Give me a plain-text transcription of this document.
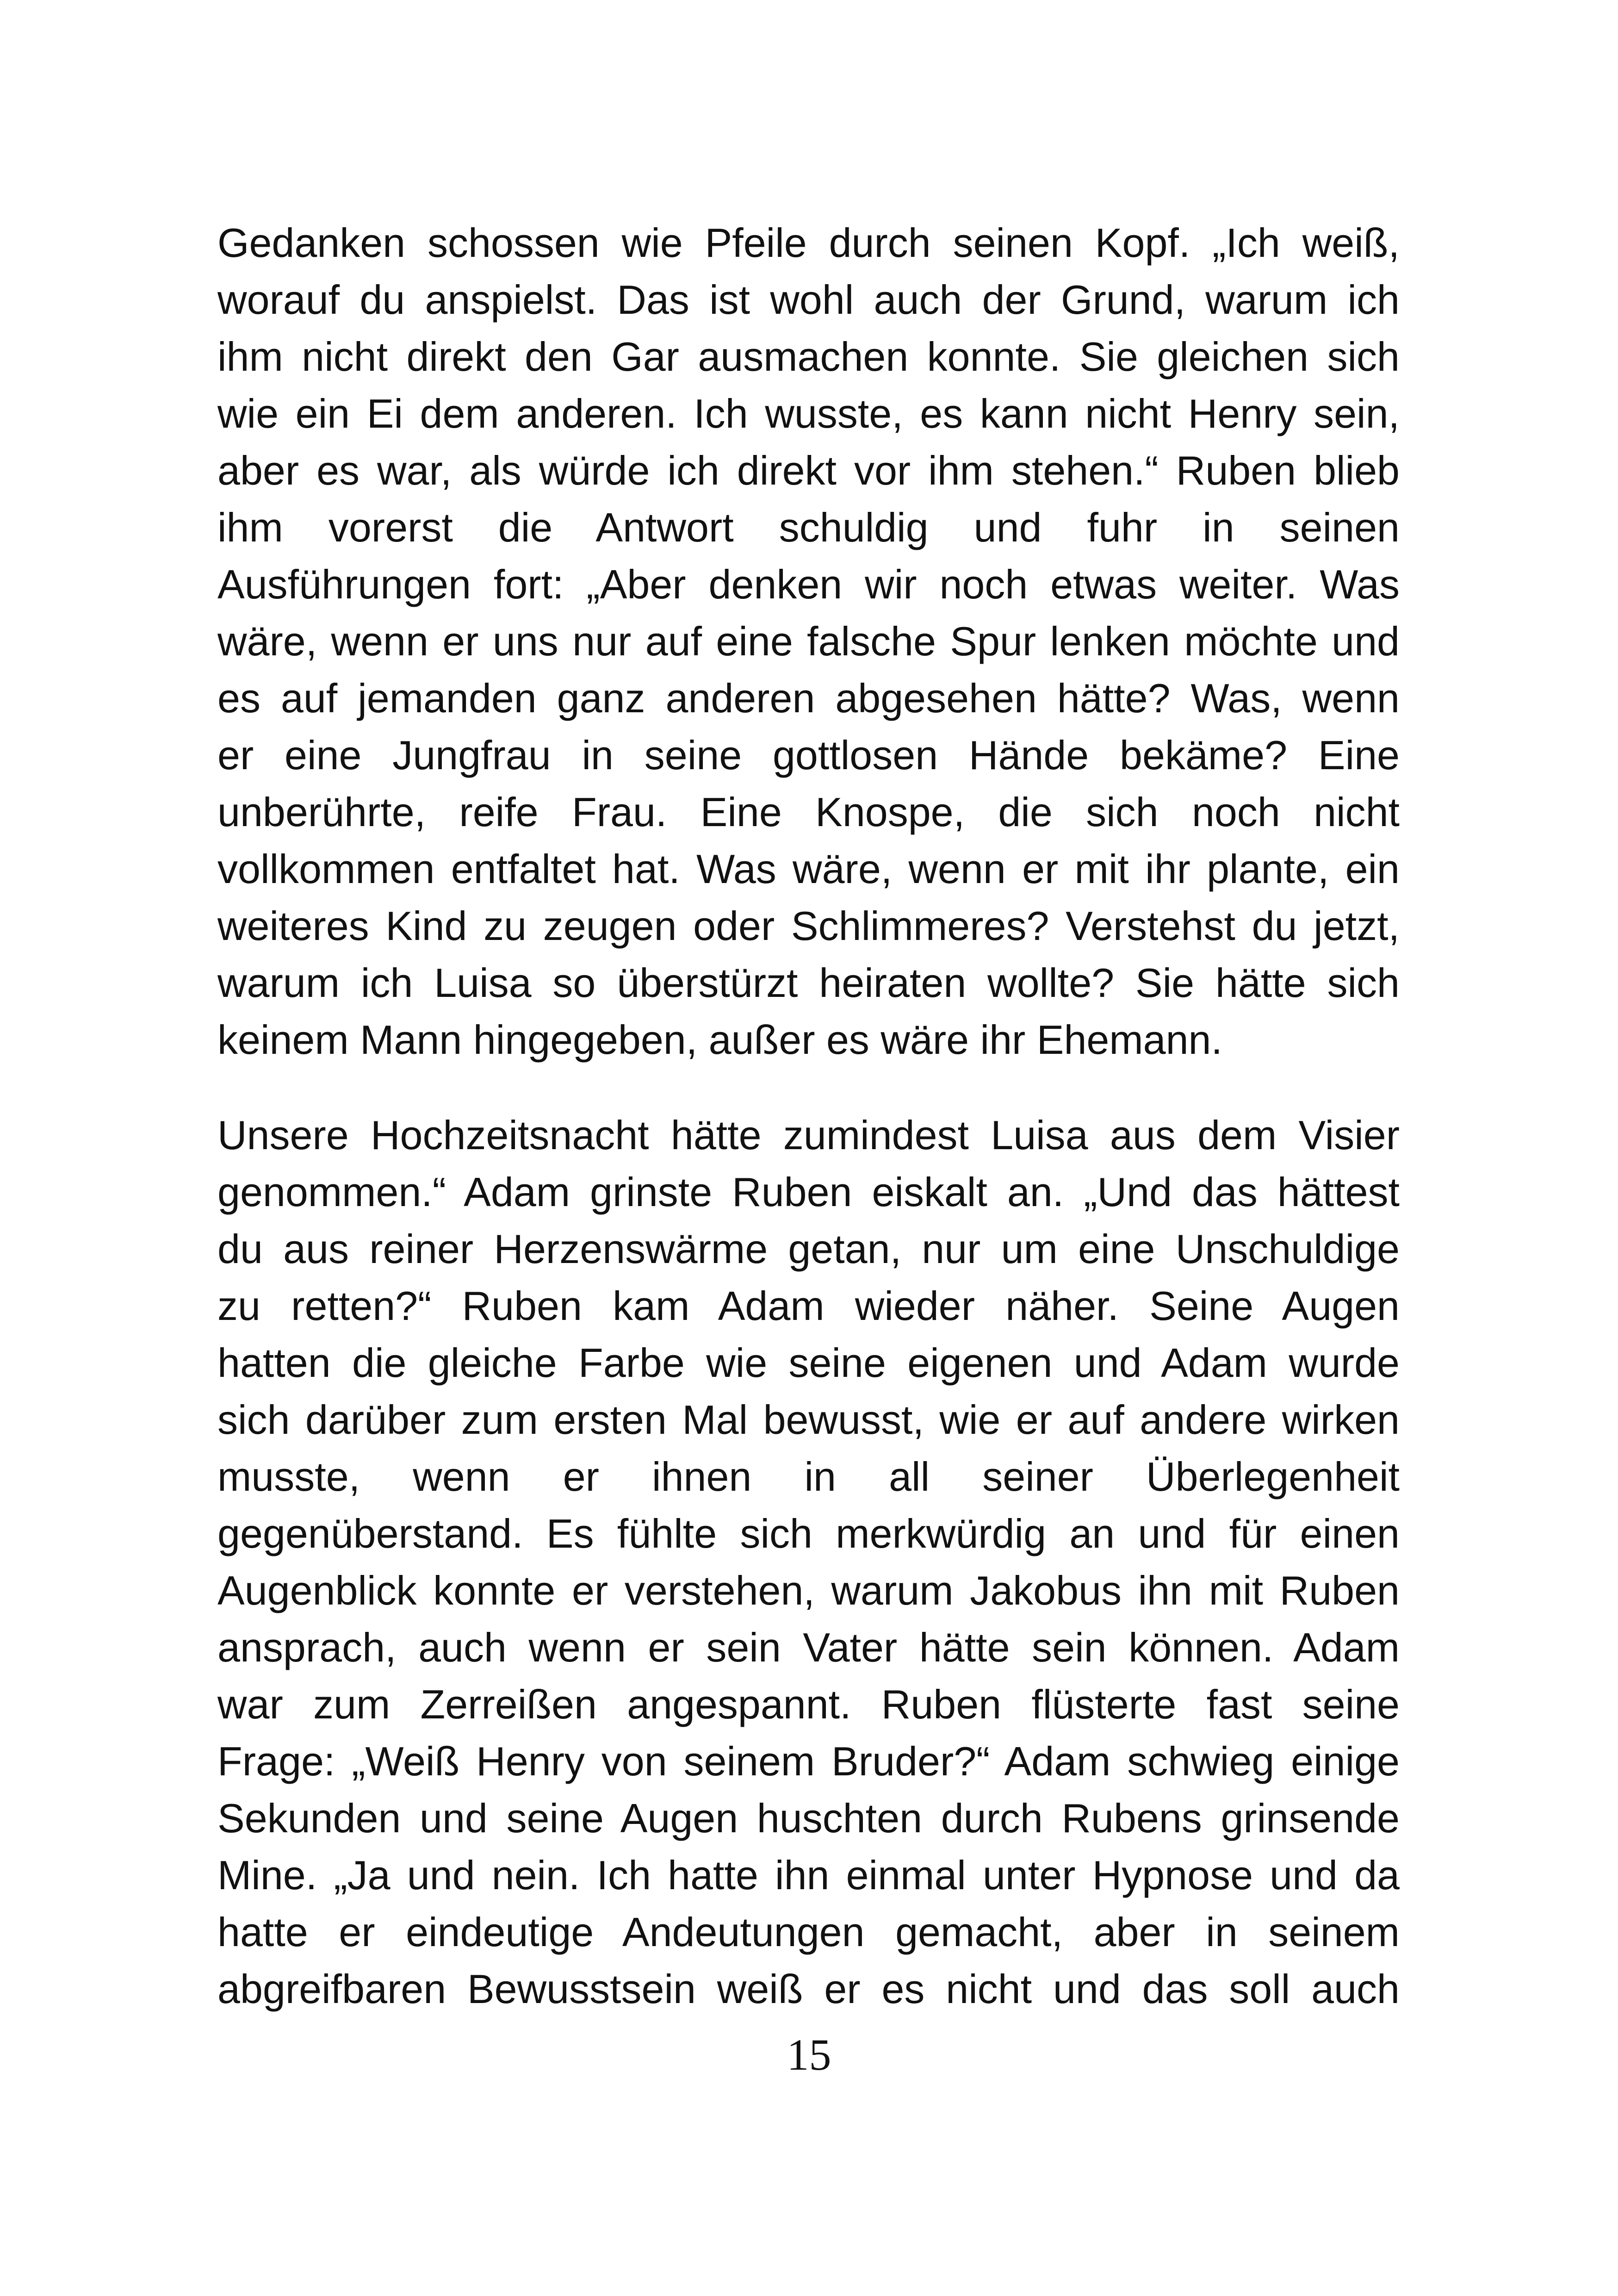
Gedanken schossen wie Pfeile durch seinen Kopf. „Ich weiß,
worauf du anspielst. Das ist wohl auch der Grund, warum ich
ihm nicht direkt den Gar ausmachen konnte. Sie gleichen sich
wie ein Ei dem anderen. Ich wusste, es kann nicht Henry sein,
aber es war, als würde ich direkt vor ihm stehen.“ Ruben blieb
ihm vorerst die Antwort schuldig und fuhr in seinen
Ausführungen fort: „Aber denken wir noch etwas weiter. Was
wäre, wenn er uns nur auf eine falsche Spur lenken möchte und
es auf jemanden ganz anderen abgesehen hätte? Was, wenn
er eine Jungfrau in seine gottlosen Hände bekäme? Eine
unberührte, reife Frau. Eine Knospe, die sich noch nicht
vollkommen entfaltet hat. Was wäre, wenn er mit ihr plante, ein
weiteres Kind zu zeugen oder Schlimmeres? Verstehst du jetzt,
warum ich Luisa so überstürzt heiraten wollte? Sie hätte sich
keinem Mann hingegeben, außer es wäre ihr Ehemann.
Unsere Hochzeitsnacht hätte zumindest Luisa aus dem Visier
genommen.“ Adam grinste Ruben eiskalt an. „Und das hättest
du aus reiner Herzenswärme getan, nur um eine Unschuldige
zu retten?“ Ruben kam Adam wieder näher. Seine Augen
hatten die gleiche Farbe wie seine eigenen und Adam wurde
sich darüber zum ersten Mal bewusst, wie er auf andere wirken
musste, wenn er ihnen in all seiner Überlegenheit
gegenüberstand. Es fühlte sich merkwürdig an und für einen
Augenblick konnte er verstehen, warum Jakobus ihn mit Ruben
ansprach, auch wenn er sein Vater hätte sein können. Adam
war zum Zerreißen angespannt. Ruben flüsterte fast seine
Frage: „Weiß Henry von seinem Bruder?“ Adam schwieg einige
Sekunden und seine Augen huschten durch Rubens grinsende
Mine. „Ja und nein. Ich hatte ihn einmal unter Hypnose und da
hatte er eindeutige Andeutungen gemacht, aber in seinem
abgreifbaren Bewusstsein weiß er es nicht und das soll auch
15
